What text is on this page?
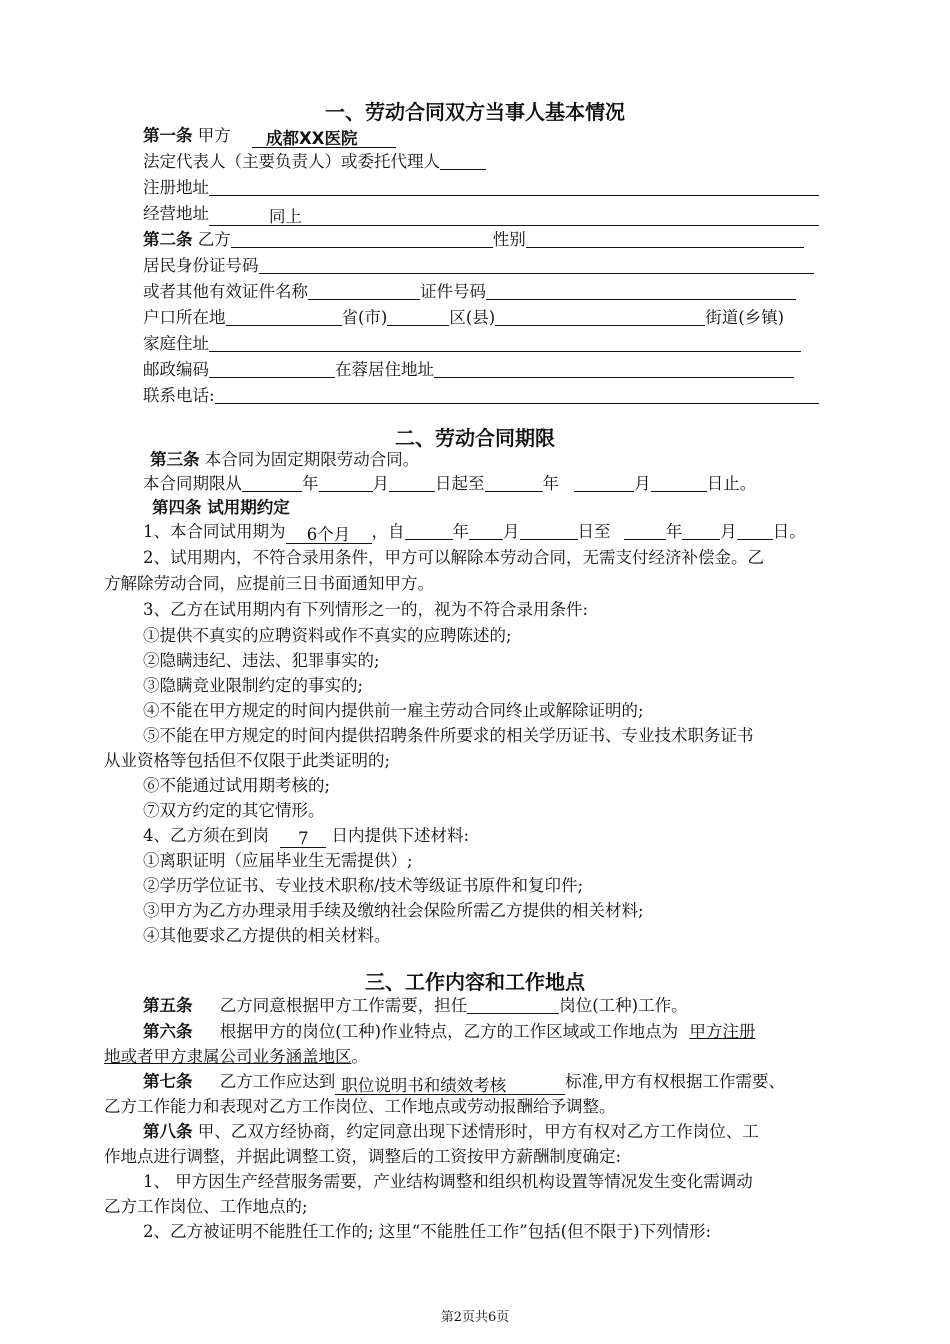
一、劳动合同双方当事人基本情况
第一条 甲方 成都XX医院
法定代表人（主要负责人）或委托代理人
注册地址
经营地址	同上
第二条 乙方	性别
居民身份证号码
或者其他有效证件名称	证件号码
户口所在地	省(市)	区(县)	街道(乡镇)
家庭住址
邮政编码	在蓉居住地址
联系电话:
二、劳动合同期限
第三条 本合同为固定期限劳动合同。
本合同期限从	年	月	日起至	年	月	日止。
第四条 试用期约定
1、本合同试用期为 6个月 ，自	年 月	日至	年 月 日。
2、试用期内，不符合录用条件，甲方可以解除本劳动合同，无需支付经济补偿金。乙
方解除劳动合同，应提前三日书面通知甲方。
3、乙方在试用期内有下列情形之一的，视为不符合录用条件:
①提供不真实的应聘资料或作不真实的应聘陈述的;
②隐瞒违纪、违法、犯罪事实的;
③隐瞒竞业限制约定的事实的;
④不能在甲方规定的时间内提供前一雇主劳动合同终止或解除证明的;
⑤不能在甲方规定的时间内提供招聘条件所要求的相关学历证书、专业技术职务证书
从业资格等包括但不仅限于此类证明的;
⑥不能通过试用期考核的;
⑦双方约定的其它情形。
4、乙方须在到岗 7 日内提供下述材料:
①离职证明（应届毕业生无需提供）;
②学历学位证书、专业技术职称/技术等级证书原件和复印件;
③甲方为乙方办理录用手续及缴纳社会保险所需乙方提供的相关材料;
④其他要求乙方提供的相关材料。
三、工作内容和工作地点
第五条 乙方同意根据甲方工作需要，担任	岗位(工种)工作。
第六条 根据甲方的岗位(工种)作业特点，乙方的工作区域或工作地点为 甲方注册
地或者甲方隶属公司业务涵盖地区。
第七条 乙方工作应达到 职位说明书和绩效考核	标准,甲方有权根据工作需要、
乙方工作能力和表现对乙方工作岗位、工作地点或劳动报酬给予调整。
第八条 甲、乙双方经协商，约定同意出现下述情形时，甲方有权对乙方工作岗位、工
作地点进行调整，并据此调整工资，调整后的工资按甲方薪酬制度确定:
1、 甲方因生产经营服务需要，产业结构调整和组织机构设置等情况发生变化需调动
乙方工作岗位、工作地点的;
2、乙方被证明不能胜任工作的; 这里“不能胜任工作”包括(但不限于)下列情形:
第2页共6页
